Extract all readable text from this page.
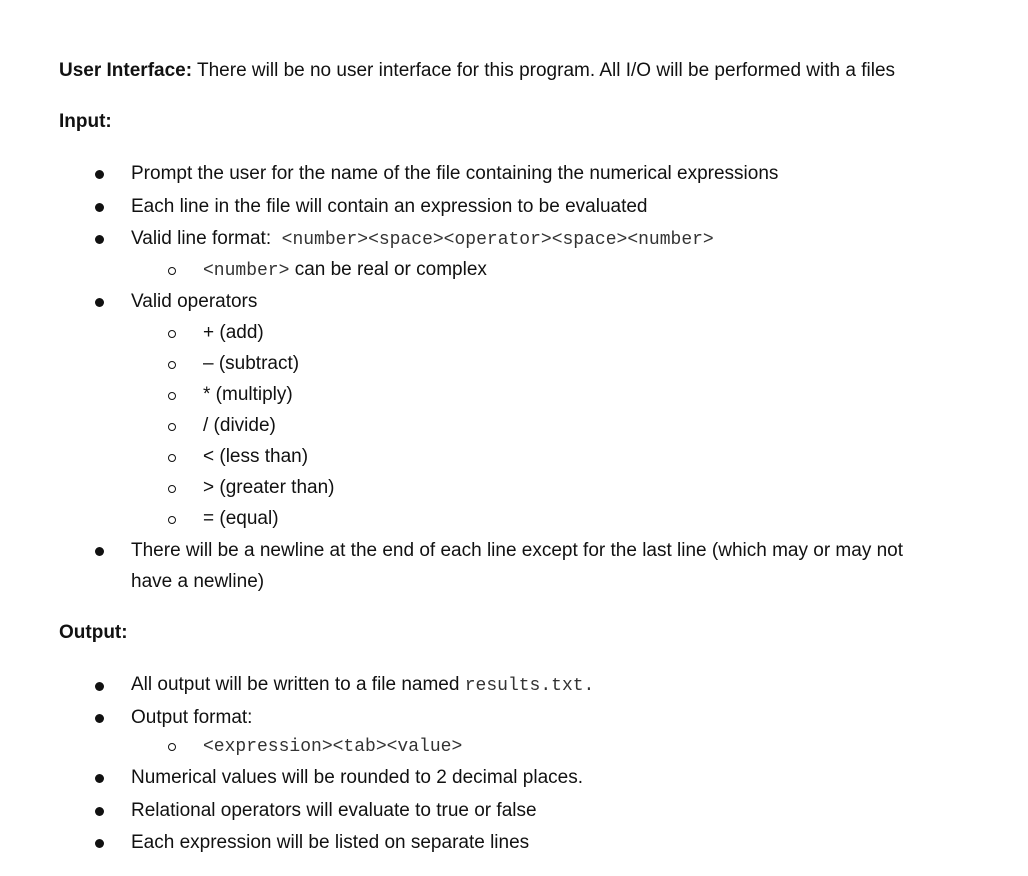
User Interface: There will be no user interface for this program. All I/O will be performed with a files
Input:
Prompt the user for the name of the file containing the numerical expressions
Each line in the file will contain an expression to be evaluated
Valid line format:  <number><space><operator><space><number>
<number> can be real or complex
Valid operators
+ (add)
– (subtract)
* (multiply)
/ (divide)
< (less than)
> (greater than)
= (equal)
There will be a newline at the end of each line except for the last line (which may or may not
have a newline)
Output:
All output will be written to a file named results.txt.
Output format:
<expression><tab><value>
Numerical values will be rounded to 2 decimal places.
Relational operators will evaluate to true or false
Each expression will be listed on separate lines
